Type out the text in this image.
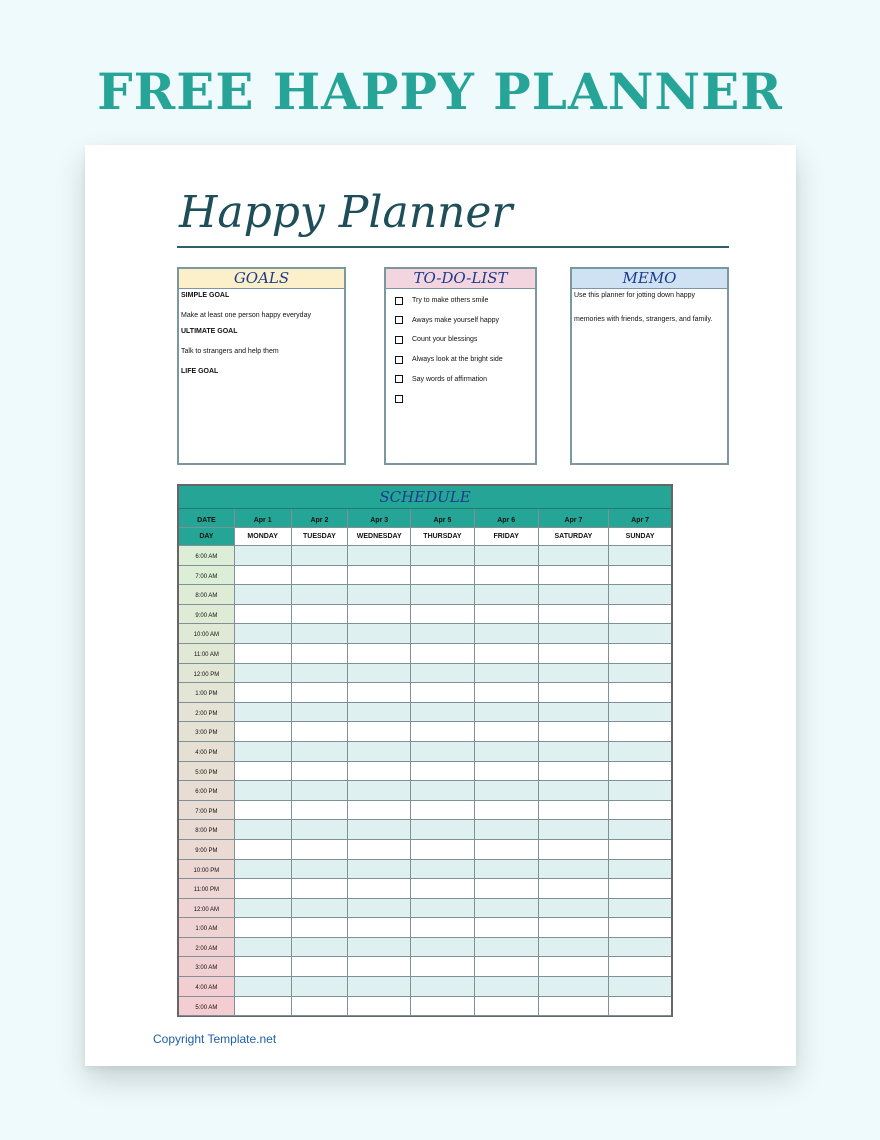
FREE HAPPY PLANNER
Happy Planner
GOALS
SIMPLE GOAL
Make at least one person happy everyday
ULTIMATE GOAL
Talk to strangers and help them
LIFE GOAL
TO-DO-LIST
Try to make others smile
Aways make yourself happy
Count your blessings
Always look at the bright side
Say words of affirmation
MEMO
Use this planner for jotting down happy
memories with friends, strangers, and family.
SCHEDULE
DATE	Apr 1	Apr 2	Apr 3	Apr 5	Apr 6	Apr 7	Apr 7
DAY	MONDAY	TUESDAY	WEDNESDAY	THURSDAY	FRIDAY	SATURDAY	SUNDAY
6:00 AM
7:00 AM
8:00 AM
9:00 AM
10:00 AM
11:00 AM
12:00 PM
1:00 PM
2:00 PM
3:00 PM
4:00 PM
5:00 PM
6:00 PM
7:00 PM
8:00 PM
9:00 PM
10:00 PM
11:00 PM
12:00 AM
1:00 AM
2:00 AM
3:00 AM
4:00 AM
5:00 AM
Copyright Template.net
